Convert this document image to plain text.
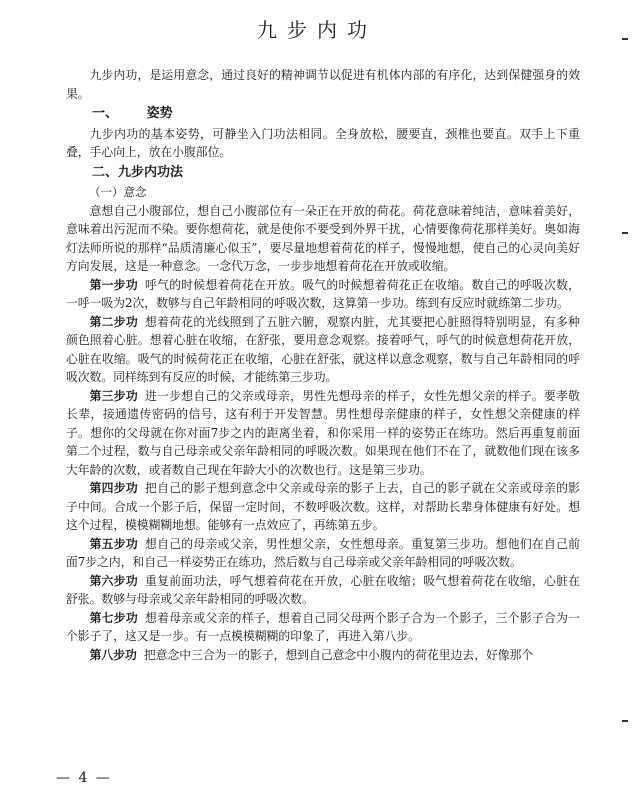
九步内功

九步内功，是运用意念，通过良好的精神调节以促进有机体内部的有序化，达到保健强身的效果。

一、 姿势

九步内功的基本姿势，可静坐入门功法相同。全身放松，腰要直，颈椎也要直。双手上下重叠，手心向上，放在小腹部位。

二、九步内功法

（一）意念

意想自己小腹部位，想自己小腹部位有一朵正在开放的荷花。荷花意味着纯洁，意味着美好，意味着出污泥而不染。要你想荷花，就是使你不要受到外界干扰，心情要像荷花那样美好。奥如海灯法师所说的那样“品质清廉心似玉”，要尽量地想着荷花的样子，慢慢地想，使自己的心灵向美好方向发展，这是一种意念。一念代万念，一步步地想着荷花在开放或收缩。

第一步功 呼气的时候想着荷花在开放。吸气的时候想着荷花正在收缩。数自己的呼吸次数，一呼一吸为2次，数够与自己年龄相同的呼吸次数，这算第一步功。练到有反应时就练第二步功。

第二步功 想着荷花的光线照到了五脏六腑，观察内脏，尤其要把心脏照得特别明显，有多种颜色照着心脏。想着心脏在收缩，在舒张，要用意念观察。接着呼气，呼气的时候意想荷花开放，心脏在收缩。吸气的时候荷花正在收缩，心脏在舒张，就这样以意念观察，数与自己年龄相同的呼吸次数。同样练到有反应的时候，才能练第三步功。

第三步功 进一步想自己的父亲或母亲，男性先想母亲的样子，女性先想父亲的样子。要孝敬长辈，接通遗传密码的信号，这有利于开发智慧。男性想母亲健康的样子，女性想父亲健康的样子。想你的父母就在你对面7步之内的距离坐着，和你采用一样的姿势正在练功。然后再重复前面第二个过程，数与自己母亲或父亲年龄相同的呼吸次数。如果现在他们不在了，就数他们现在该多大年龄的次数，或者数自己现在年龄大小的次数也行。这是第三步功。

第四步功 把自己的影子想到意念中父亲或母亲的影子上去，自己的影子就在父亲或母亲的影子中间。合成一个影子后，保留一定时间，不数呼吸次数。这样，对帮助长辈身体健康有好处。想这个过程，模模糊糊地想。能够有一点效应了，再练第五步。

第五步功 想自己的母亲或父亲，男性想父亲，女性想母亲。重复第三步功。想他们在自己前面7步之内，和自己一样姿势正在练功，然后数与自己母亲或父亲年龄相同的呼吸次数。

第六步功 重复前面功法，呼气想着荷花在开放，心脏在收缩；吸气想着荷花在收缩，心脏在舒张。数够与母亲或父亲年龄相同的呼吸次数。

第七步功 想着母亲或父亲的样子，想着自己同父母两个影子合为一个影子，三个影子合为一个影子了，这又是一步。有一点模模糊糊的印象了，再进入第八步。

第八步功 把意念中三合为一的影子，想到自己意念中小腹内的荷花里边去，好像那个

— 4 —
